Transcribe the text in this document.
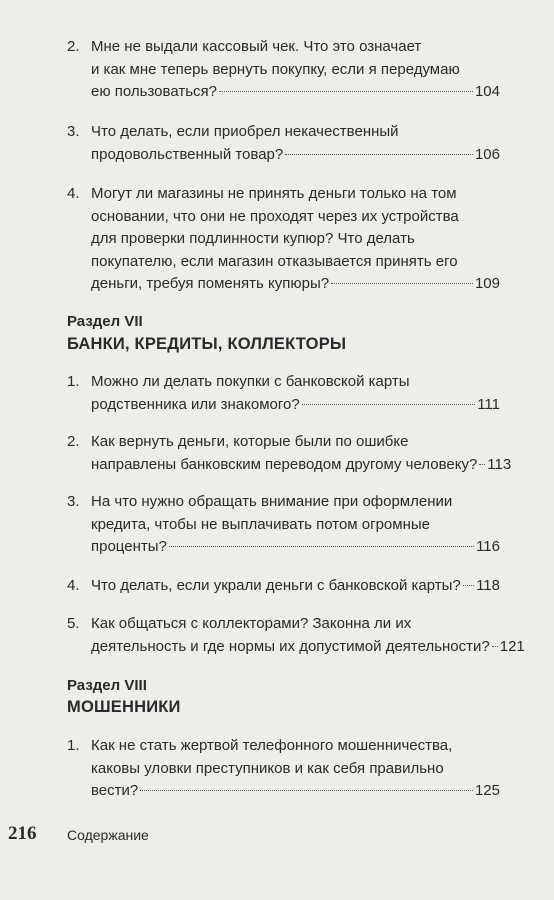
2. Мне не выдали кассовый чек. Что это означает
и как мне теперь вернуть покупку, если я передумаю
ею пользоваться?	104
3. Что делать, если приобрел некачественный
продовольственный товар?	106
4. Могут ли магазины не принять деньги только на том
основании, что они не проходят через их устройства
для проверки подлинности купюр? Что делать
покупателю, если магазин отказывается принять его
деньги, требуя поменять купюры?	109
Раздел VII
БАНКИ, КРЕДИТЫ, КОЛЛЕКТОРЫ
1. Можно ли делать покупки с банковской карты
родственника или знакомого?	111
2. Как вернуть деньги, которые были по ошибке
направлены банковским переводом другому человеку? 113
3. На что нужно обращать внимание при оформлении
кредита, чтобы не выплачивать потом огромные
проценты?	116
4. Что делать, если украли деньги с банковской карты? 118
5. Как общаться с коллекторами? Законна ли их
деятельность и где нормы их допустимой деятельности? 121
Раздел VIII
МОШЕННИКИ
1. Как не стать жертвой телефонного мошенничества,
каковы уловки преступников и как себя правильно
вести?	125
216 Содержание
